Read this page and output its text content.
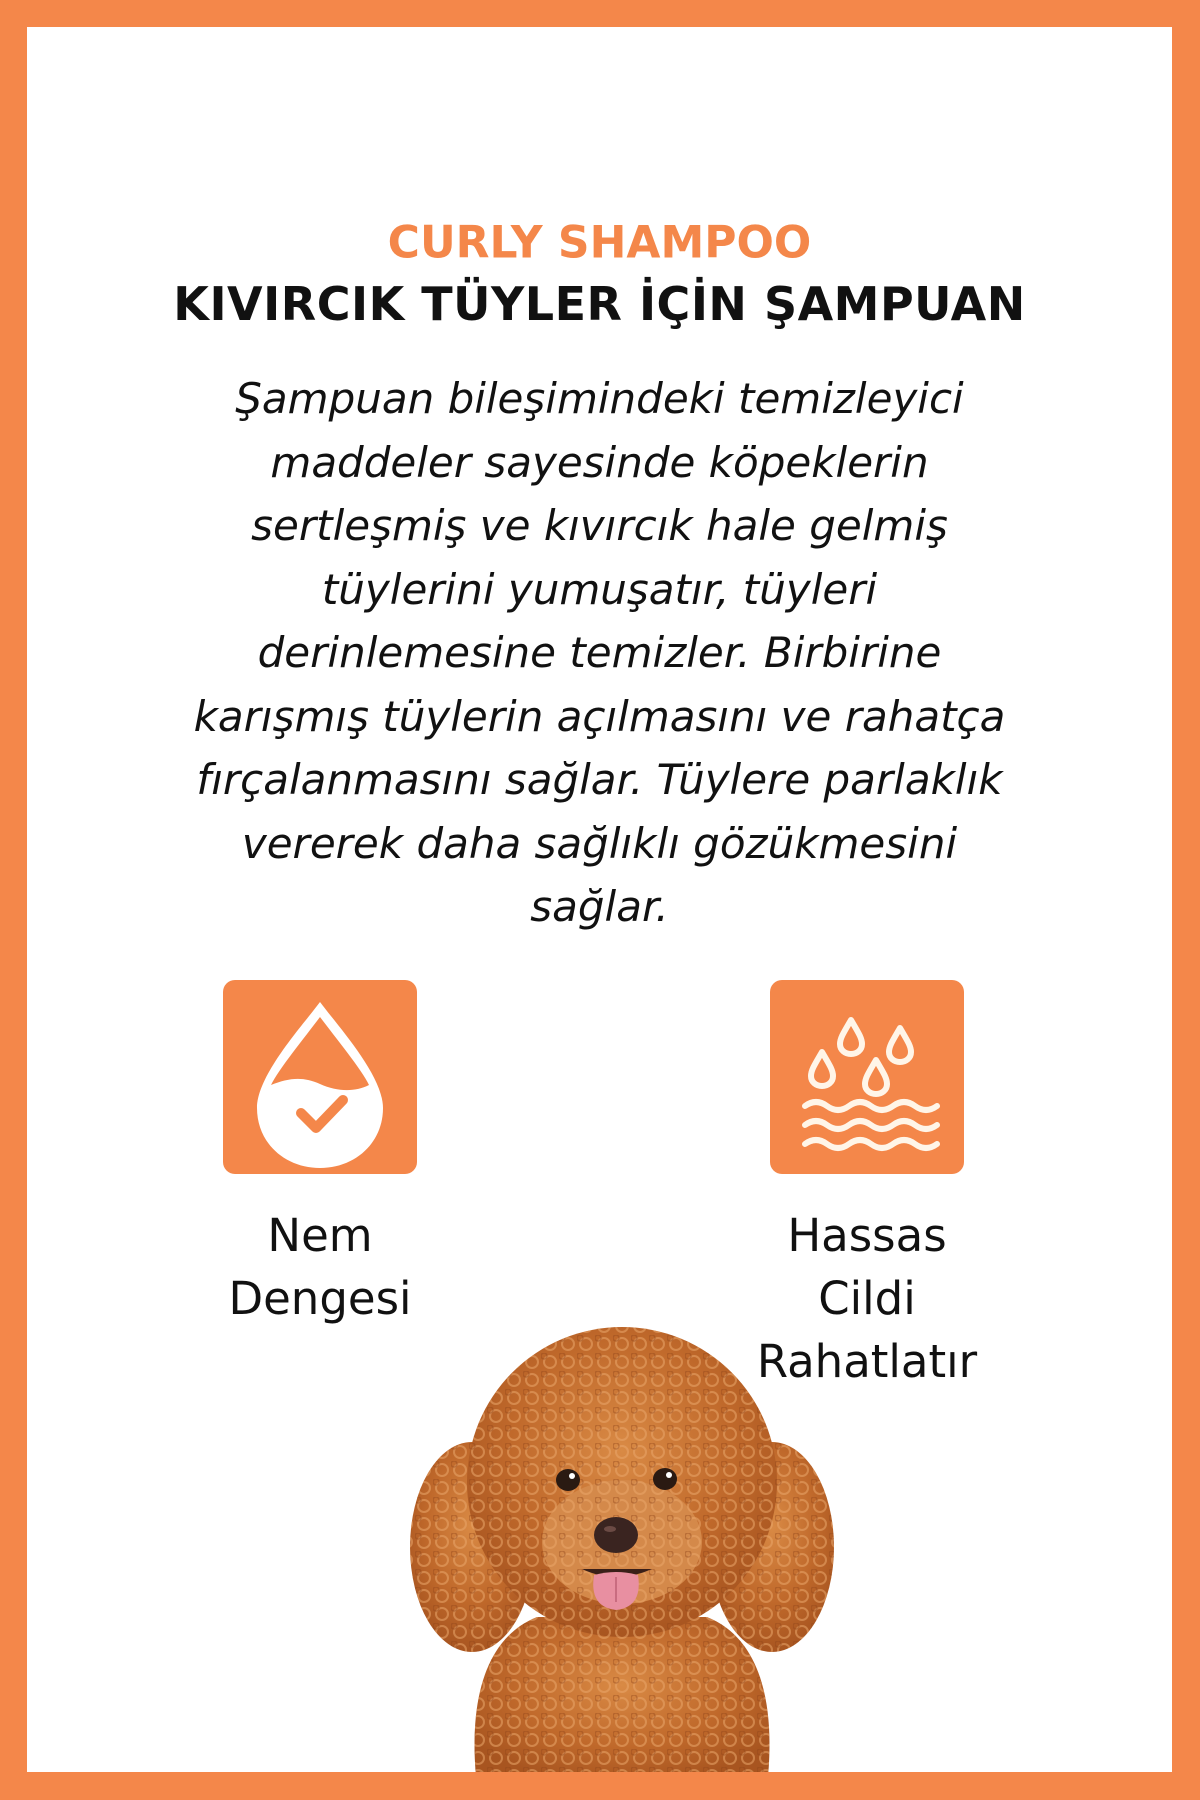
CURLY SHAMPOO
KIVIRCIK TÜYLER İÇİN ŞAMPUAN
Şampuan bileşimindeki temizleyici
maddeler sayesinde köpeklerin
sertleşmiş ve kıvırcık hale gelmiş
tüylerini yumuşatır, tüyleri
derinlemesine temizler. Birbirine
karışmış tüylerin açılmasını ve rahatça
fırçalanmasını sağlar. Tüylere parlaklık
vererek daha sağlıklı gözükmesini
sağlar.
Nem
Dengesi
Hassas
Cildi
Rahatlatır
